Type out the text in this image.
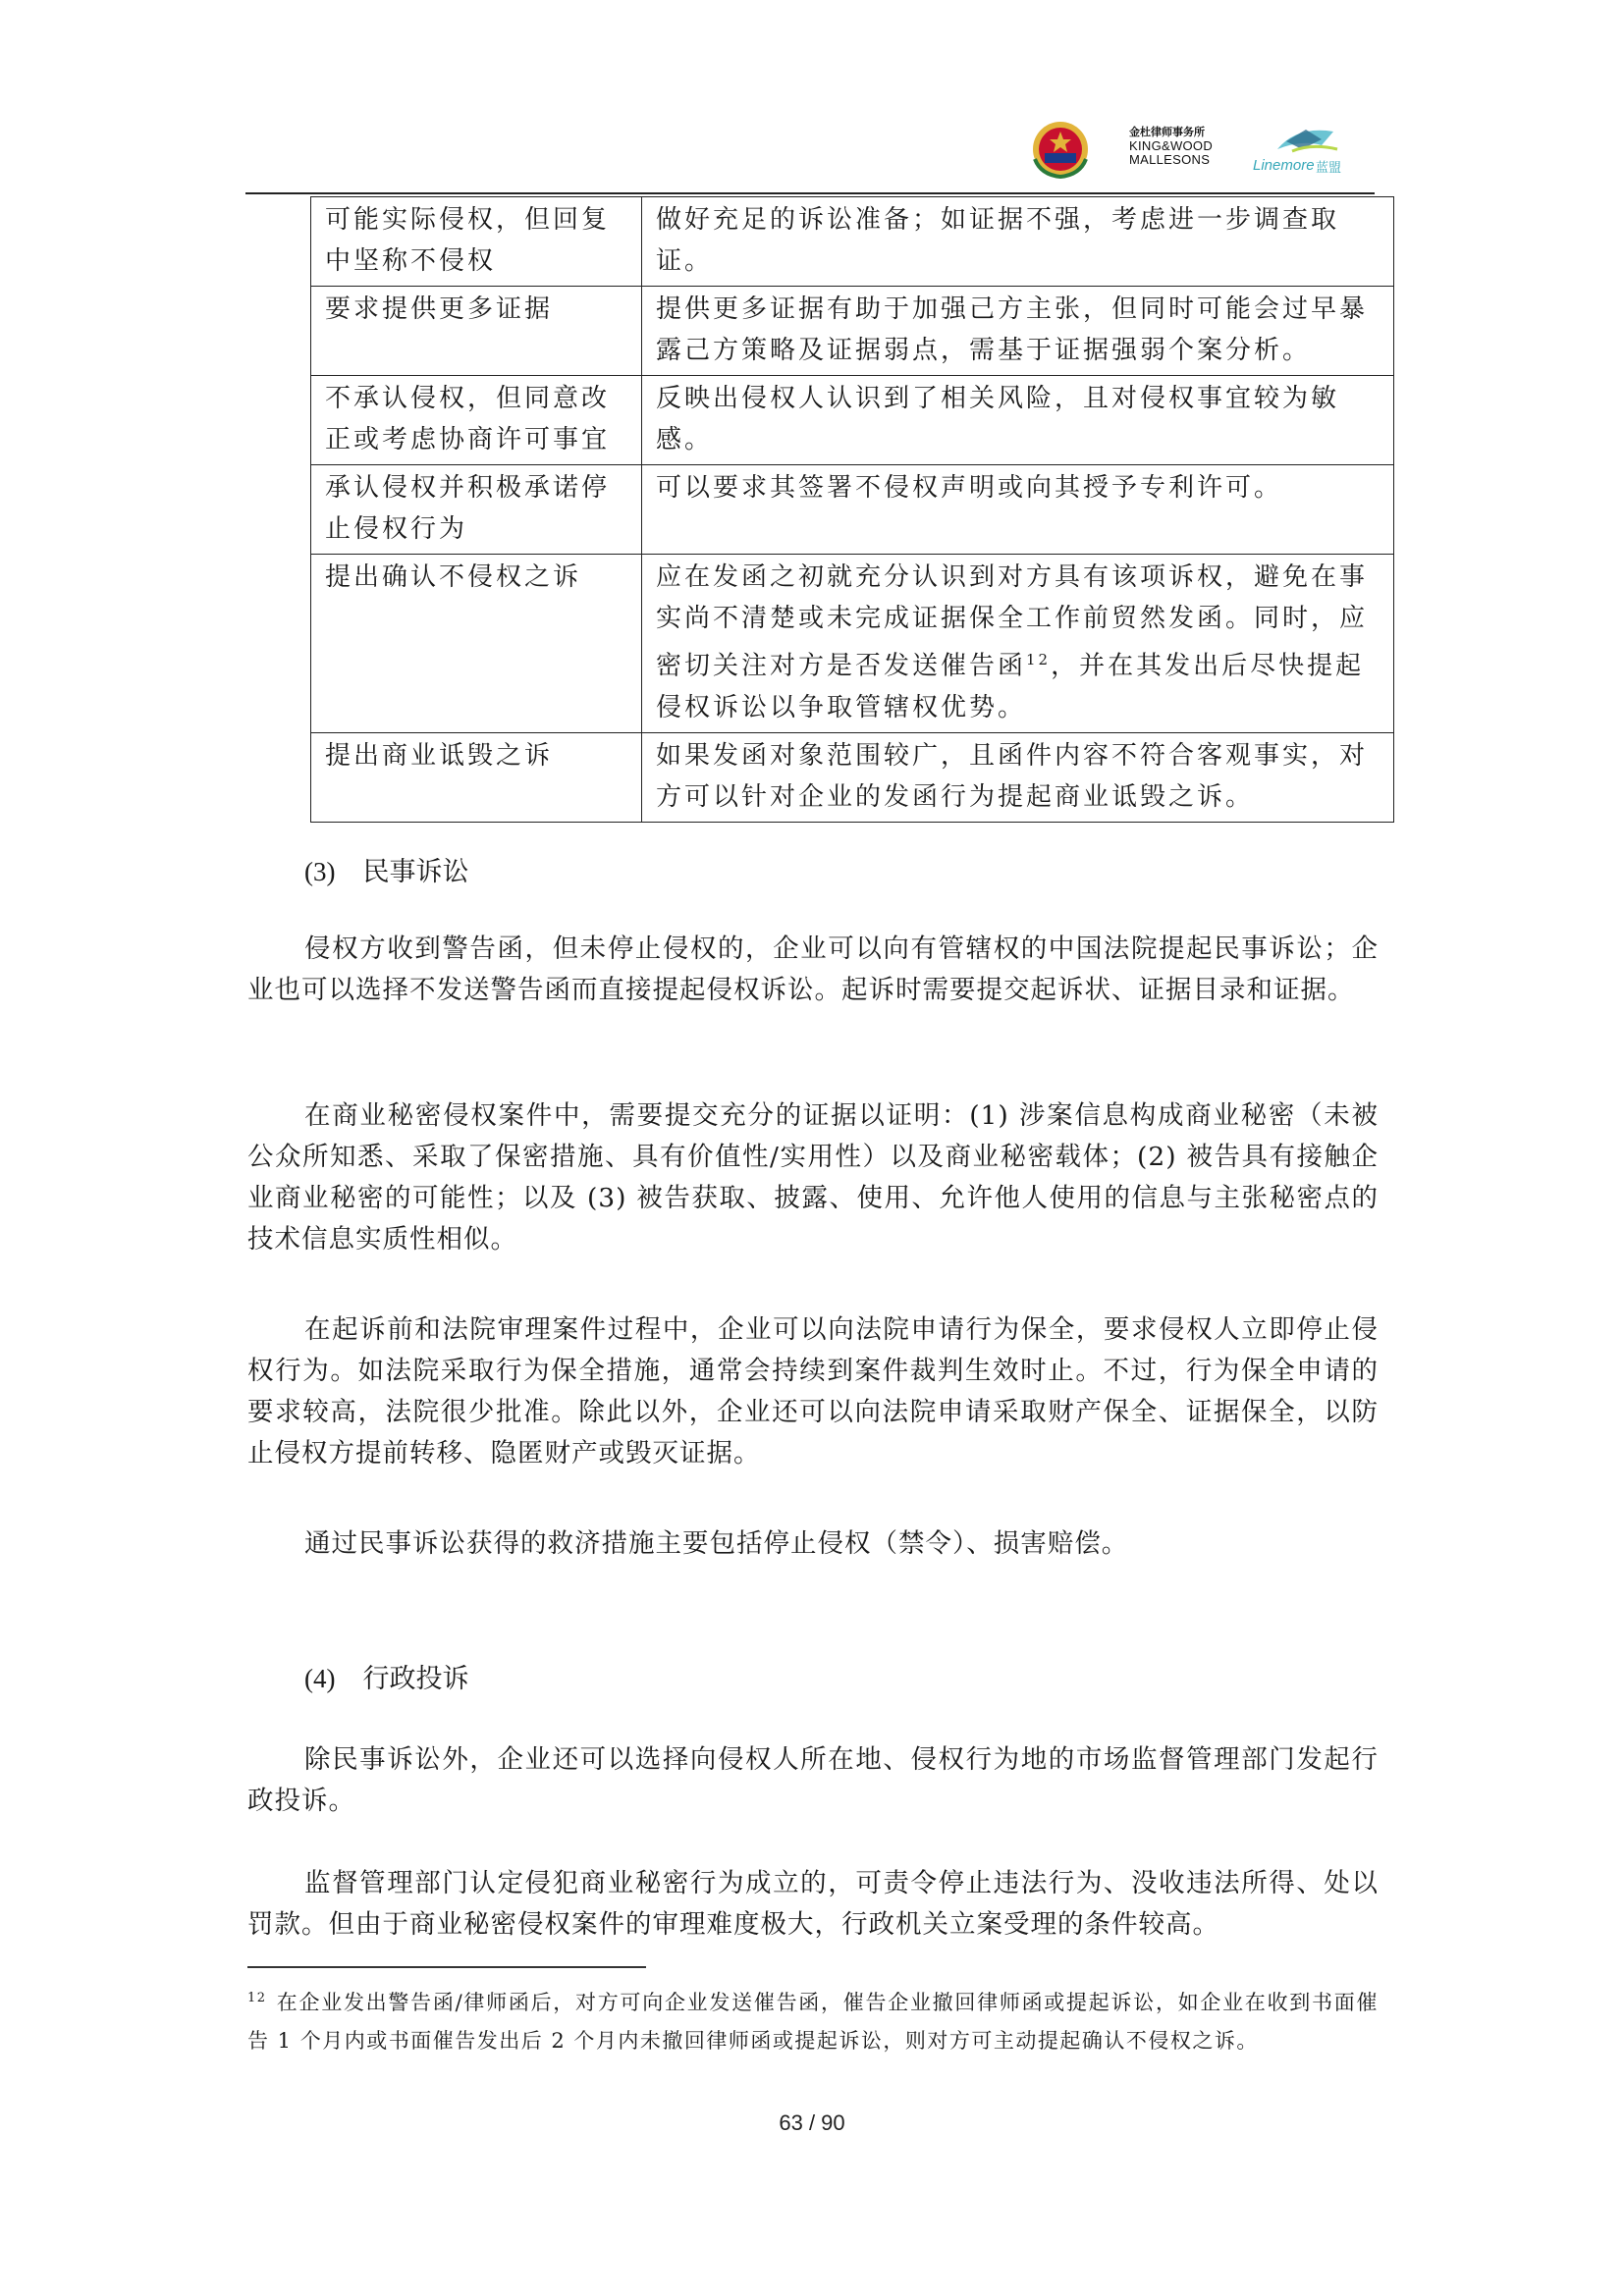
金杜律师事务所
KING&WOOD
MALLESONS	Linemore 蓝盟
可能实际侵权，但回复中坚称不侵权	做好充足的诉讼准备；如证据不强，考虑进一步调查取证。
要求提供更多证据	提供更多证据有助于加强己方主张，但同时可能会过早暴露己方策略及证据弱点，需基于证据强弱个案分析。
不承认侵权，但同意改正或考虑协商许可事宜	反映出侵权人认识到了相关风险，且对侵权事宜较为敏感。
承认侵权并积极承诺停止侵权行为	可以要求其签署不侵权声明或向其授予专利许可。
提出确认不侵权之诉	应在发函之初就充分认识到对方具有该项诉权，避免在事实尚不清楚或未完成证据保全工作前贸然发函。同时，应密切关注对方是否发送催告函$^{12}$，并在其发出后尽快提起侵权诉讼以争取管辖权优势。
提出商业诋毁之诉	如果发函对象范围较广，且函件内容不符合客观事实，对方可以针对企业的发函行为提起商业诋毁之诉。
(3) 民事诉讼
侵权方收到警告函，但未停止侵权的，企业可以向有管辖权的中国法院提起民事诉讼；企业也可以选择不发送警告函而直接提起侵权诉讼。起诉时需要提交起诉状、证据目录和证据。
在商业秘密侵权案件中，需要提交充分的证据以证明：(1) 涉案信息构成商业秘密（未被公众所知悉、采取了保密措施、具有价值性/实用性）以及商业秘密载体；(2) 被告具有接触企业商业秘密的可能性；以及 (3) 被告获取、披露、使用、允许他人使用的信息与主张秘密点的技术信息实质性相似。
在起诉前和法院审理案件过程中，企业可以向法院申请行为保全，要求侵权人立即停止侵权行为。如法院采取行为保全措施，通常会持续到案件裁判生效时止。不过，行为保全申请的要求较高，法院很少批准。除此以外，企业还可以向法院申请采取财产保全、证据保全，以防止侵权方提前转移、隐匿财产或毁灭证据。
通过民事诉讼获得的救济措施主要包括停止侵权（禁令）、损害赔偿。
(4) 行政投诉
除民事诉讼外，企业还可以选择向侵权人所在地、侵权行为地的市场监督管理部门发起行政投诉。
监督管理部门认定侵犯商业秘密行为成立的，可责令停止违法行为、没收违法所得、处以罚款。但由于商业秘密侵权案件的审理难度极大，行政机关立案受理的条件较高。
$^{12}$ 在企业发出警告函/律师函后，对方可向企业发送催告函，催告企业撤回律师函或提起诉讼，如企业在收到书面催告 1 个月内或书面催告发出后 2 个月内未撤回律师函或提起诉讼，则对方可主动提起确认不侵权之诉。
63 / 90
